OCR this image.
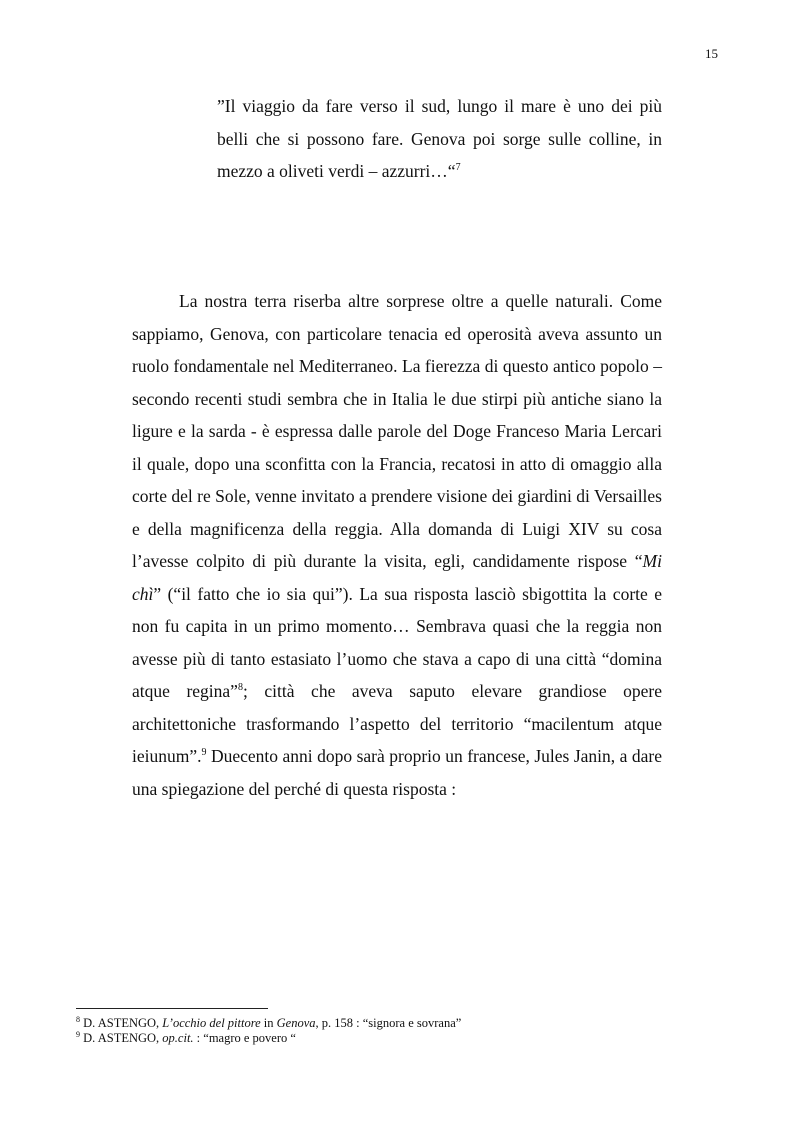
15
”Il viaggio da fare verso il sud, lungo il mare è uno dei più belli che si possono fare. Genova poi sorge sulle colline, in mezzo a oliveti verdi – azzurri…“$^7$
La nostra terra riserba altre sorprese oltre a quelle naturali. Come sappiamo, Genova, con particolare tenacia ed operosità aveva assunto un ruolo fondamentale nel Mediterraneo. La fierezza di questo antico popolo – secondo recenti studi sembra che in Italia le due stirpi più antiche siano la ligure e la sarda - è espressa dalle parole del Doge Franceso Maria Lercari il quale, dopo una sconfitta con la Francia, recatosi in atto di omaggio alla corte del re Sole, venne invitato a prendere visione dei giardini di Versailles e della magnificenza della reggia. Alla domanda di Luigi XIV su cosa l’avesse colpito di più durante la visita, egli, candidamente rispose “Mi chì” (“il fatto che io sia qui”). La sua risposta lasciò sbigottita la corte e non fu capita in un primo momento… Sembrava quasi che la reggia non avesse più di tanto estasiato l’uomo che stava a capo di una città “domina atque regina”$^8$; città che aveva saputo elevare grandiose opere architettoniche trasformando l’aspetto del territorio “macilentum atque ieiunum”.$^9$ Duecento anni dopo sarà proprio un francese, Jules Janin, a dare una spiegazione del perché di questa risposta :
$^8$ D. ASTENGO, L’occhio del pittore in Genova, p. 158 : “signora e sovrana”
$^9$ D. ASTENGO, op.cit. : “magro e povero “
